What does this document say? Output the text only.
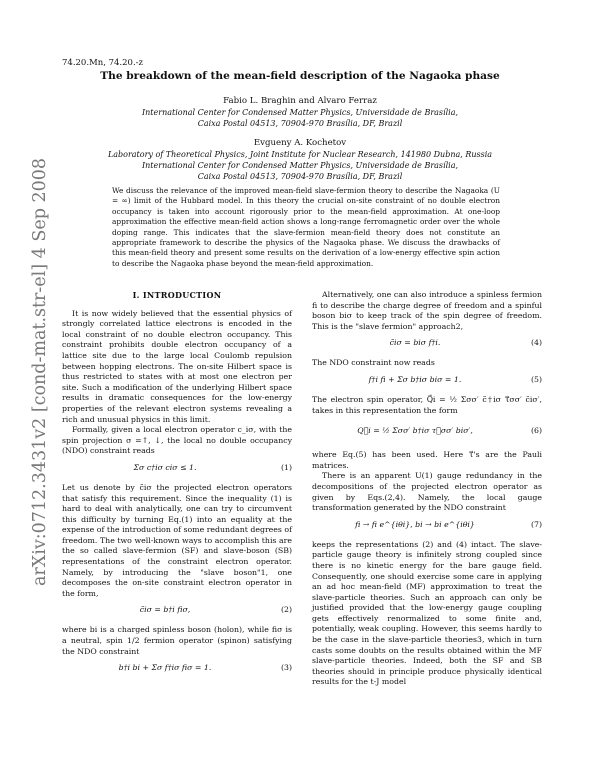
74.20.Mn, 74.20.-z
The breakdown of the mean-field description of the Nagaoka phase
Fabio L. Braghin and Alvaro Ferraz
International Center for Condensed Matter Physics, Universidade de Brasília,
Caixa Postal 04513, 70904-970 Brasília, DF, Brazil
Evgueny A. Kochetov
Laboratory of Theoretical Physics, Joint Institute for Nuclear Research, 141980 Dubna, Russia
International Center for Condensed Matter Physics, Universidade de Brasília,
Caixa Postal 04513, 70904-970 Brasília, DF, Brazil
arXiv:0712.3431v2 [cond-mat.str-el] 4 Sep 2008	We discuss the relevance of the improved mean-field slave-fermion theory to describe the Nagaoka (U = ∞) limit of the Hubbard model. In this theory the crucial on-site constraint of no double electron occupancy is taken into account rigorously prior to the mean-field approximation. At one-loop approximation the effective mean-field action shows a long-range ferromagnetic order over the whole doping range. This indicates that the slave-fermion mean-field theory does not constitute an appropriate framework to describe the physics of the Nagaoka phase. We discuss the drawbacks of this mean-field theory and present some results on the derivation of a low-energy effective spin action to describe the Nagaoka phase beyond the mean-field approximation.
I. INTRODUCTION

It is now widely believed that the essential physics of strongly correlated lattice electrons is encoded in the local constraint of no double electron occupancy. This constraint prohibits double electron occupancy of a lattice site due to the large local Coulomb repulsion between hopping electrons. The on-site Hilbert space is thus restricted to states with at most one electron per site. Such a modification of the underlying Hilbert space results in dramatic consequences for the low-energy properties of the relevant electron systems revealing a rich and unusual physics in this limit.

Formally, given a local electron operator c_iσ, with the spin projection σ =↑, ↓, the local no double occupancy (NDO) constraint reads

Σσ c†iσ ciσ ≤ 1.	(1)

Let us denote by c̃iσ the projected electron operators that satisfy this requirement. Since the inequality (1) is hard to deal with analytically, one can try to circumvent this difficulty by turning Eq.(1) into an equality at the expense of the introduction of some redundant degrees of freedom. The two well-known ways to accomplish this are the so called slave-fermion (SF) and slave-boson (SB) representations of the constraint electron operator. Namely, by introducing the "slave boson"1, one decomposes the on-site constraint electron operator in the form,

c̃iσ = b†i fiσ,	(2)

where bi is a charged spinless boson (holon), while fiσ is a neutral, spin 1/2 fermion operator (spinon) satisfying the NDO constraint

b†i bi + Σσ f†iσ fiσ = 1.	(3)

Alternatively, one can also introduce a spinless fermion fi to describe the charge degree of freedom and a spinful boson biσ to keep track of the spin degree of freedom. This is the "slave fermion" approach2,

c̃iσ = biσ f†i.	(4)

The NDO constraint now reads

f†i fi + Σσ b†iσ biσ = 1.	(5)

The electron spin operator, Q⃗i = ½ Σσσ′ c̃†iσ τ⃗σσ′ c̃iσ′, takes in this representation the form

Q⃗i = ½ Σσσ′ b†iσ τ⃗σσ′ biσ′,	(6)

where Eq.(5) has been used. Here τ⃗'s are the Pauli matrices.

There is an apparent U(1) gauge redundancy in the decompositions of the projected electron operator as given by Eqs.(2,4). Namely, the local gauge transformation generated by the NDO constraint

fi → fi e^{iθi}, bi → bi e^{iθi}	(7)

keeps the representations (2) and (4) intact. The slave-particle gauge theory is infinitely strong coupled since there is no kinetic energy for the bare gauge field. Consequently, one should exercise some care in applying an ad hoc mean-field (MF) approximation to treat the slave-particle theories. Such an approach can only be justified provided that the low-energy gauge coupling gets effectively renormalized to some finite and, potentially, weak coupling. However, this seems hardly to be the case in the slave-particle theories3, which in turn casts some doubts on the results obtained within the MF slave-particle theories. Indeed, both the SF and SB theories should in principle produce physically identical results for the t-J model
